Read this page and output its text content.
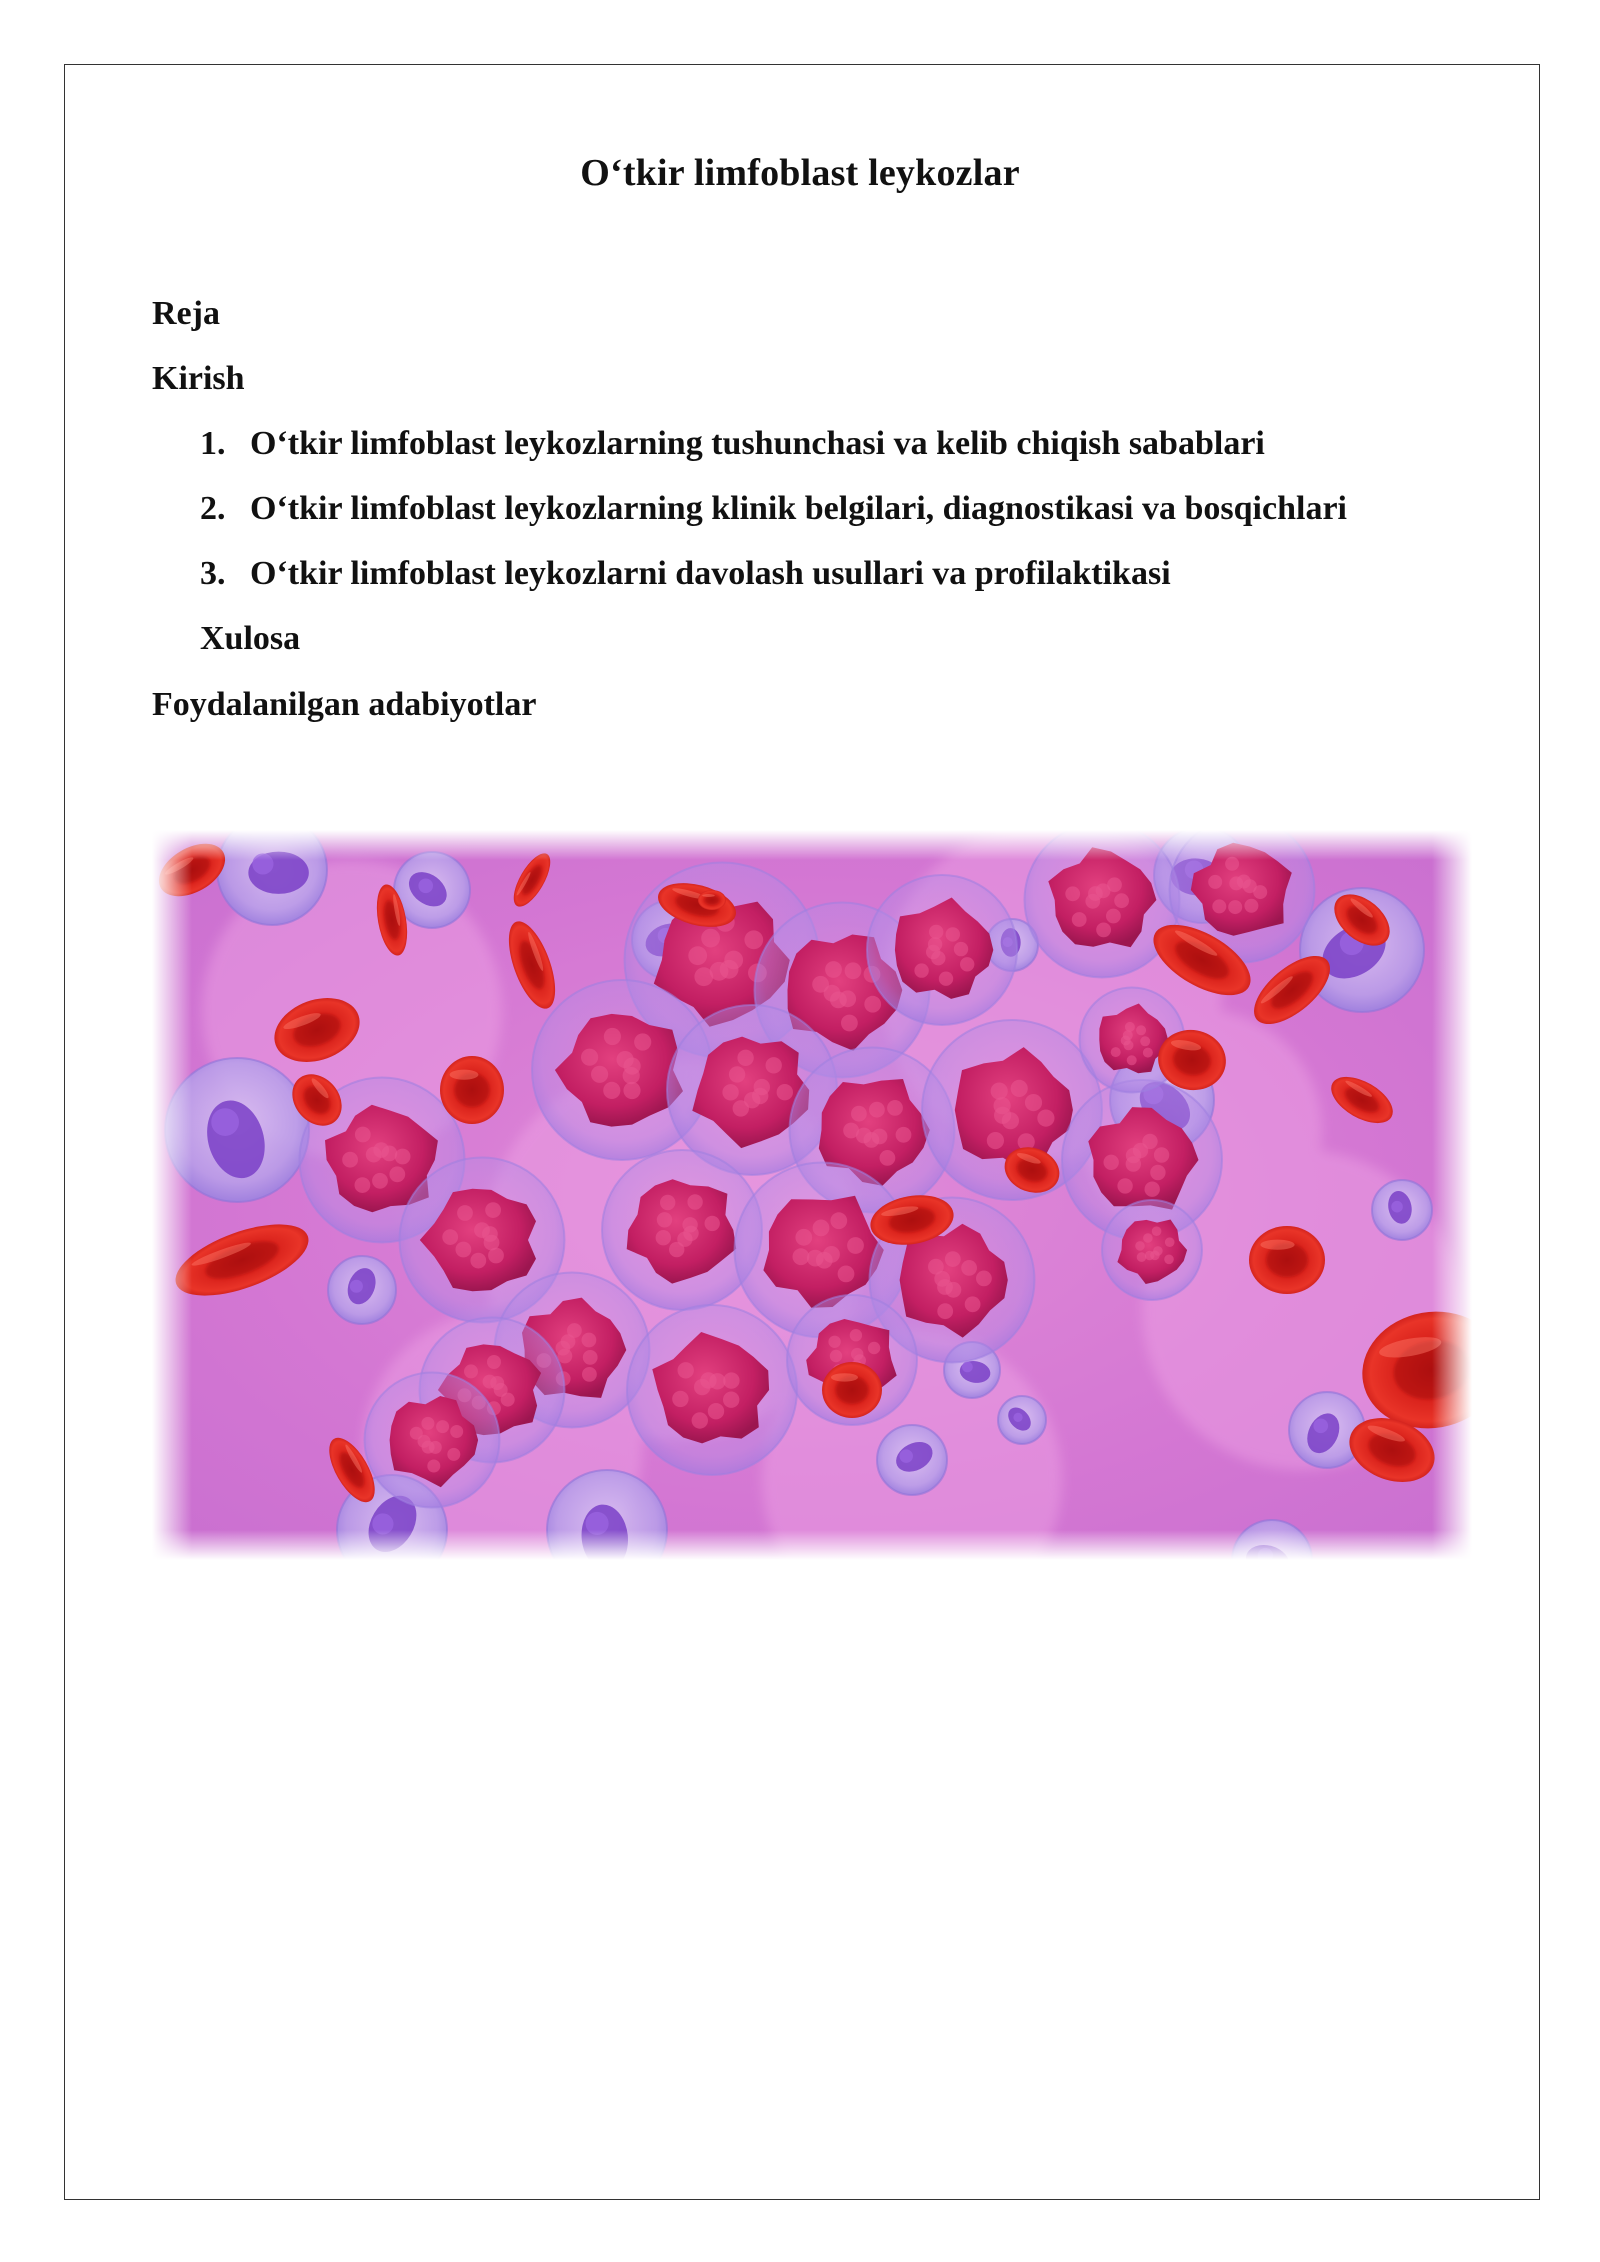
O‘tkir limfoblast leykozlar

Reja

Kirish

1. O‘tkir limfoblast leykozlarning tushunchasi va kelib chiqish sabablari

2. O‘tkir limfoblast leykozlarning klinik belgilari, diagnostikasi va bosqichlari

3. O‘tkir limfoblast leykozlarni davolash usullari va profilaktikasi

Xulosa

Foydalanilgan adabiyotlar
